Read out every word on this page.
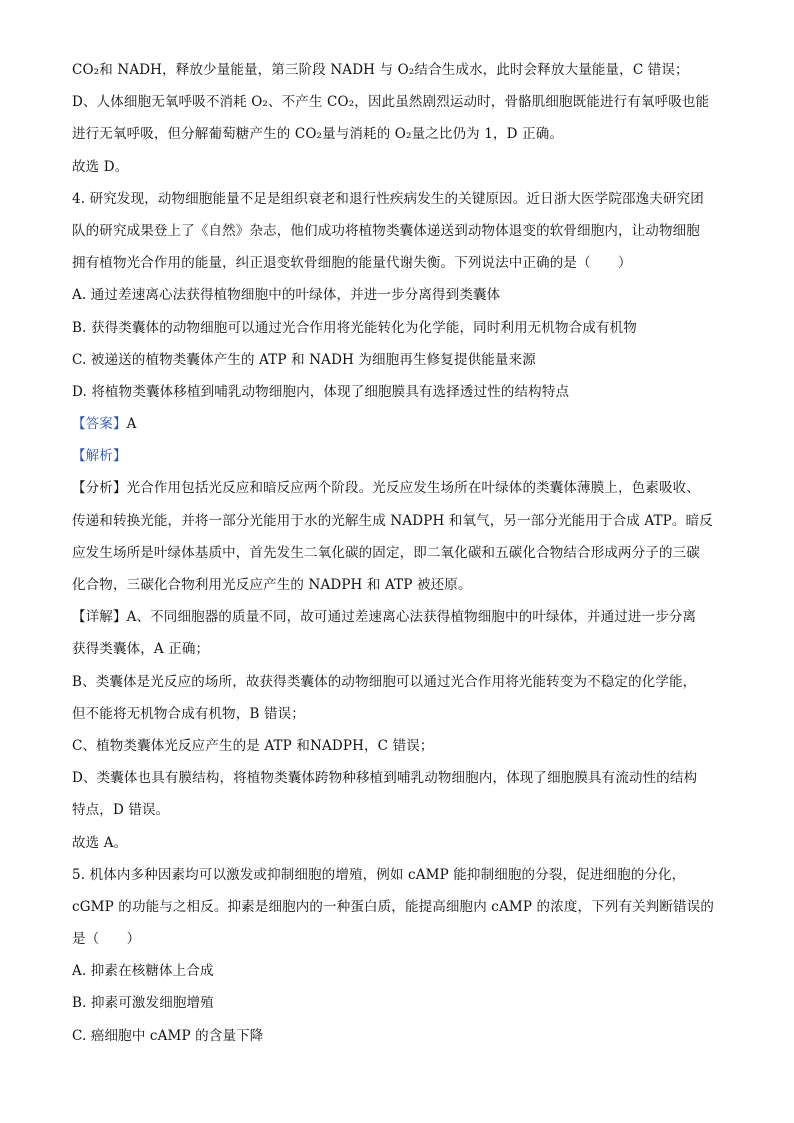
CO₂和 NADH，释放少量能量，第三阶段 NADH 与 O₂结合生成水，此时会释放大量能量，C 错误；
D、人体细胞无氧呼吸不消耗 O₂、不产生 CO₂，因此虽然剧烈运动时，骨骼肌细胞既能进行有氧呼吸也能
进行无氧呼吸，但分解葡萄糖产生的 CO₂量与消耗的 O₂量之比仍为 1，D 正确。
故选 D。
4. 研究发现，动物细胞能量不足是组织衰老和退行性疾病发生的关键原因。近日浙大医学院邵逸夫研究团
队的研究成果登上了《自然》杂志，他们成功将植物类囊体递送到动物体退变的软骨细胞内，让动物细胞
拥有植物光合作用的能量，纠正退变软骨细胞的能量代谢失衡。下列说法中正确的是（　　）
A. 通过差速离心法获得植物细胞中的叶绿体，并进一步分离得到类囊体
B. 获得类囊体的动物细胞可以通过光合作用将光能转化为化学能，同时利用无机物合成有机物
C. 被递送的植物类囊体产生的 ATP 和 NADH 为细胞再生修复提供能量来源
D. 将植物类囊体移植到哺乳动物细胞内，体现了细胞膜具有选择透过性的结构特点
【答案】A
【解析】
【分析】光合作用包括光反应和暗反应两个阶段。光反应发生场所在叶绿体的类囊体薄膜上，色素吸收、
传递和转换光能，并将一部分光能用于水的光解生成 NADPH 和氧气，另一部分光能用于合成 ATP。暗反
应发生场所是叶绿体基质中，首先发生二氧化碳的固定，即二氧化碳和五碳化合物结合形成两分子的三碳
化合物，三碳化合物利用光反应产生的 NADPH 和 ATP 被还原。
【详解】A、不同细胞器的质量不同，故可通过差速离心法获得植物细胞中的叶绿体，并通过进一步分离
获得类囊体，A 正确；
B、类囊体是光反应的场所，故获得类囊体的动物细胞可以通过光合作用将光能转变为不稳定的化学能，
但不能将无机物合成有机物，B 错误；
C、植物类囊体光反应产生的是 ATP 和NADPH，C 错误；
D、类囊体也具有膜结构，将植物类囊体跨物种移植到哺乳动物细胞内，体现了细胞膜具有流动性的结构
特点，D 错误。
故选 A。
5. 机体内多种因素均可以激发或抑制细胞的增殖，例如 cAMP 能抑制细胞的分裂，促进细胞的分化，
cGMP 的功能与之相反。抑素是细胞内的一种蛋白质，能提高细胞内 cAMP 的浓度，下列有关判断错误的
是（　　）
A. 抑素在核糖体上合成
B. 抑素可激发细胞增殖
C. 癌细胞中 cAMP 的含量下降
